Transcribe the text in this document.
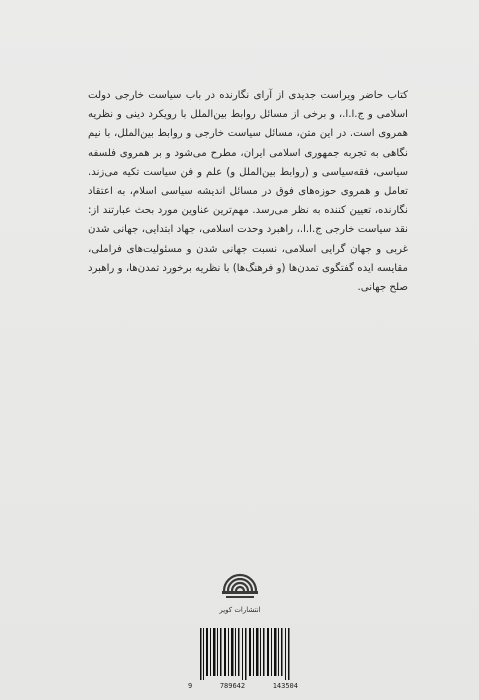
کتاب حاضر ویراست جدیدی از آرای نگارنده در باب سیاست خارجی دولت اسلامی و ج.ا.ا.، و برخی از مسائل روابط بین‌الملل با رویکرد دینی و نظریه همروی است. در این متن، مسائل سیاست خارجی و روابط بین‌الملل، با نیم نگاهی به تجربه جمهوری اسلامی ایران، مطرح می‌شود و بر همروی فلسفه سیاسی، فقه‌سیاسی و (روابط بین‌الملل و) علم و فن سیاست تکیه می‌زند. تعامل و همروی حوزه‌های فوق در مسائل اندیشه سیاسی اسلام، به اعتقاد نگارنده، تعیین کننده به نظر می‌رسد. مهم‌ترین عناوین مورد بحث عبارتند از: نقد سیاست خارجی ج.ا.ا.، راهبرد وحدت اسلامی، جهاد ابتدایی، جهانی شدن غربی و جهان گرایی اسلامی، نسبت جهانی شدن و مسئولیت‌های فراملی، مقایسه ایده گفتگوی تمدن‌ها (و فرهنگ‌ها) با نظریه برخورد تمدن‌ها، و راهبرد صلح جهانی.
انتشارات کویر
9	789642	143504
